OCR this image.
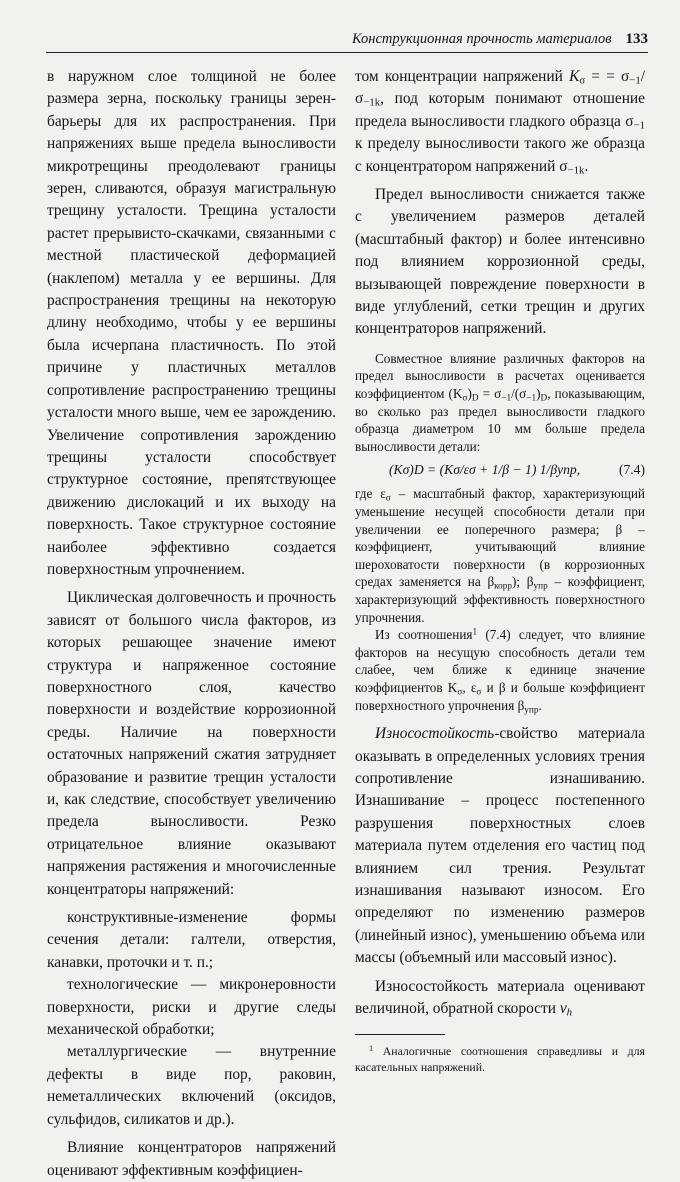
Конструкционная прочность материалов 133

в наружном слое толщиной не более размера зерна, поскольку границы зерен-барьеры для их распространения. При напряжениях выше предела выносливости микротрещины преодолевают границы зерен, сливаются, образуя магистральную трещину усталости. Трещина усталости растет прерывисто-скачками, связанными с местной пластической деформацией (наклепом) металла у ее вершины. Для распространения трещины на некоторую длину необходимо, чтобы у ее вершины была исчерпана пластичность. По этой причине у пластичных металлов сопротивление распространению трещины усталости много выше, чем ее зарождению. Увеличение сопротивления зарождению трещины усталости способствует структурное состояние, препятствующее движению дислокаций и их выходу на поверхность. Такое структурное состояние наиболее эффективно создается поверхностным упрочнением.

Циклическая долговечность и прочность зависят от большого числа факторов, из которых решающее значение имеют структура и напряженное состояние поверхностного слоя, качество поверхности и воздействие коррозионной среды. Наличие на поверхности остаточных напряжений сжатия затрудняет образование и развитие трещин усталости и, как следствие, способствует увеличению предела выносливости. Резко отрицательное влияние оказывают напряжения растяжения и многочисленные концентраторы напряжений:

конструктивные-изменение формы сечения детали: галтели, отверстия, канавки, проточки и т. п.;

технологические — микронеровности поверхности, риски и другие следы механической обработки;

металлургические — внутренние дефекты в виде пор, раковин, неметаллических включений (оксидов, сульфидов, силикатов и др.).

Влияние концентраторов напряжений оценивают эффективным коэффициен-

том концентрации напряжений $K_\sigma$ = = $\sigma_{-1}/\sigma_{-1k}$, под которым понимают отношение предела выносливости гладкого образца $\sigma_{-1}$ к пределу выносливости такого же образца с концентратором напряжений $\sigma_{-1k}$.

Предел выносливости снижается также с увеличением размеров деталей (масштабный фактор) и более интенсивно под влиянием коррозионной среды, вызывающей повреждение поверхности в виде углублений, сетки трещин и других концентраторов напряжений.

Совместное влияние различных факторов на предел выносливости в расчетах оценивается коэффициентом $(K_\sigma)_D = \sigma_{-1}/(\sigma_{-1})_D$, показывающим, во сколько раз предел выносливости гладкого образца диаметром 10 мм больше предела выносливости детали:

(Kσ)D = (Kσ/εσ + 1/β − 1) 1/βупр,	(7.4)

где $\varepsilon_\sigma$ – масштабный фактор, характеризующий уменьшение несущей способности детали при увеличении ее поперечного размера; β – коэффициент, учитывающий влияние шероховатости поверхности (в коррозионных средах заменяется на $\beta_{корр}$); $\beta_{упр}$ – коэффициент, характеризующий эффективность поверхностного упрочнения.

Из соотношения$^1$ (7.4) следует, что влияние факторов на несущую способность детали тем слабее, чем ближе к единице значение коэффициентов $K_\sigma$, $\varepsilon_\sigma$ и β и больше коэффициент поверхностного упрочнения $\beta_{упр}$.

Износостойкость-свойство материала оказывать в определенных условиях трения сопротивление изнашиванию. Изнашивание – процесс постепенного разрушения поверхностных слоев материала путем отделения его частиц под влиянием сил трения. Результат изнашивания называют износом. Его определяют по изменению размеров (линейный износ), уменьшению объема или массы (объемный или массовый износ).

Износостойкость материала оценивают величиной, обратной скорости $v_h$

$^1$ Аналогичные соотношения справедливы и для касательных напряжений.
